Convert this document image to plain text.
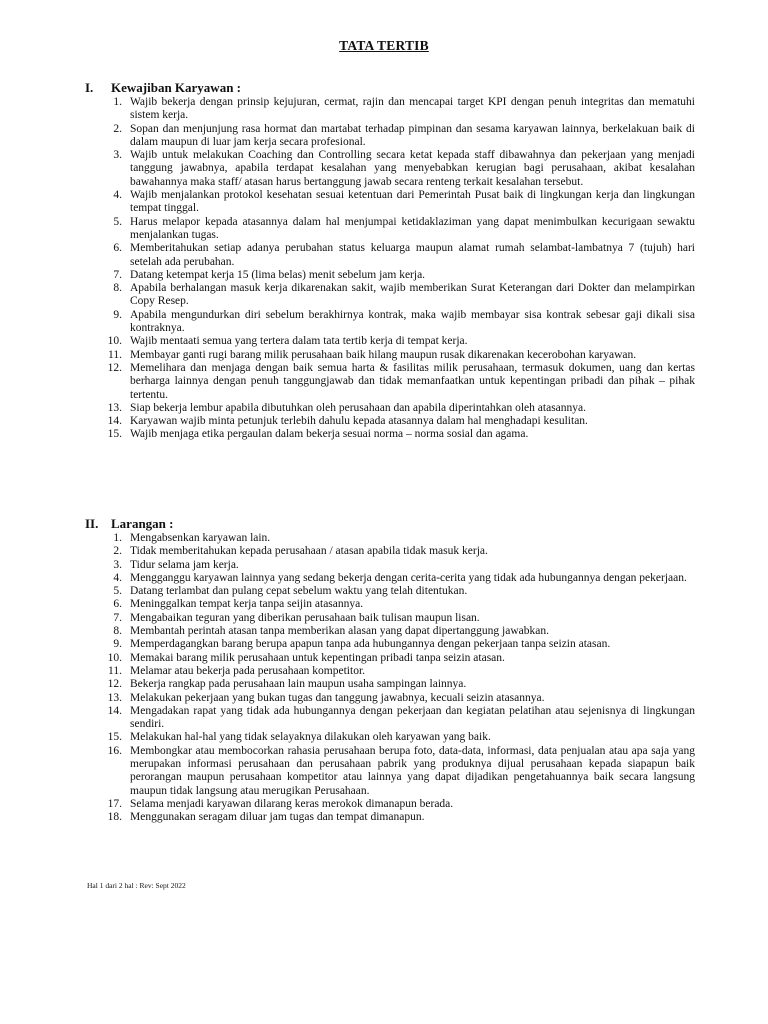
TATA TERTIB
I. Kewajiban Karyawan :
1. Wajib bekerja dengan prinsip kejujuran, cermat, rajin dan mencapai target KPI dengan penuh integritas dan mematuhi sistem kerja.
2. Sopan dan menjunjung rasa hormat dan martabat terhadap pimpinan dan sesama karyawan lainnya, berkelakuan baik di dalam maupun di luar jam kerja secara profesional.
3. Wajib untuk melakukan Coaching dan Controlling secara ketat kepada staff dibawahnya dan pekerjaan yang menjadi tanggung jawabnya, apabila terdapat kesalahan yang menyebabkan kerugian bagi perusahaan, akibat kesalahan bawahannya maka staff/ atasan harus bertanggung jawab secara renteng terkait kesalahan tersebut.
4. Wajib menjalankan protokol kesehatan sesuai ketentuan dari Pemerintah Pusat baik di lingkungan kerja dan lingkungan tempat tinggal.
5. Harus melapor kepada atasannya dalam hal menjumpai ketidaklaziman yang dapat menimbulkan kecurigaan sewaktu menjalankan tugas.
6. Memberitahukan setiap adanya perubahan status keluarga maupun alamat rumah selambat-lambatnya 7 (tujuh) hari setelah ada perubahan.
7. Datang ketempat kerja 15 (lima belas) menit sebelum jam kerja.
8. Apabila berhalangan masuk kerja dikarenakan sakit, wajib memberikan Surat Keterangan dari Dokter dan melampirkan Copy Resep.
9. Apabila mengundurkan diri sebelum berakhirnya kontrak, maka wajib membayar sisa kontrak sebesar gaji dikali sisa kontraknya.
10. Wajib mentaati semua yang tertera dalam tata tertib kerja di tempat kerja.
11. Membayar ganti rugi barang milik perusahaan baik hilang maupun rusak dikarenakan kecerobohan karyawan.
12. Memelihara dan menjaga dengan baik semua harta & fasilitas milik perusahaan, termasuk dokumen, uang dan kertas berharga lainnya dengan penuh tanggungjawab dan tidak memanfaatkan untuk kepentingan pribadi dan pihak – pihak tertentu.
13. Siap bekerja lembur apabila dibutuhkan oleh perusahaan dan apabila diperintahkan oleh atasannya.
14. Karyawan wajib minta petunjuk terlebih dahulu kepada atasannya dalam hal menghadapi kesulitan.
15. Wajib menjaga etika pergaulan dalam bekerja sesuai norma – norma sosial dan agama.
II. Larangan :
1. Mengabsenkan karyawan lain.
2. Tidak memberitahukan kepada perusahaan / atasan apabila tidak masuk kerja.
3. Tidur selama jam kerja.
4. Mengganggu karyawan lainnya yang sedang bekerja dengan cerita-cerita yang tidak ada hubungannya dengan pekerjaan.
5. Datang terlambat dan pulang cepat sebelum waktu yang telah ditentukan.
6. Meninggalkan tempat kerja tanpa seijin atasannya.
7. Mengabaikan teguran yang diberikan perusahaan baik tulisan maupun lisan.
8. Membantah perintah atasan tanpa memberikan alasan yang dapat dipertanggung jawabkan.
9. Memperdagangkan barang berupa apapun tanpa ada hubungannya dengan pekerjaan tanpa seizin atasan.
10. Memakai barang milik perusahaan untuk kepentingan pribadi tanpa seizin atasan.
11. Melamar atau bekerja pada perusahaan kompetitor.
12. Bekerja rangkap pada perusahaan lain maupun usaha sampingan lainnya.
13. Melakukan pekerjaan yang bukan tugas dan tanggung jawabnya, kecuali seizin atasannya.
14. Mengadakan rapat yang tidak ada hubungannya dengan pekerjaan dan kegiatan pelatihan atau sejenisnya di lingkungan sendiri.
15. Melakukan hal-hal yang tidak selayaknya dilakukan oleh karyawan yang baik.
16. Membongkar atau membocorkan rahasia perusahaan berupa foto, data-data, informasi, data penjualan atau apa saja yang merupakan informasi perusahaan dan perusahaan pabrik yang produknya dijual perusahaan kepada siapapun baik perorangan maupun perusahaan kompetitor atau lainnya yang dapat dijadikan pengetahuannya baik secara langsung maupun tidak langsung atau merugikan Perusahaan.
17. Selama menjadi karyawan dilarang keras merokok dimanapun berada.
18. Menggunakan seragam diluar jam tugas dan tempat dimanapun.
Hal 1 dari 2 hal : Rev: Sept 2022
